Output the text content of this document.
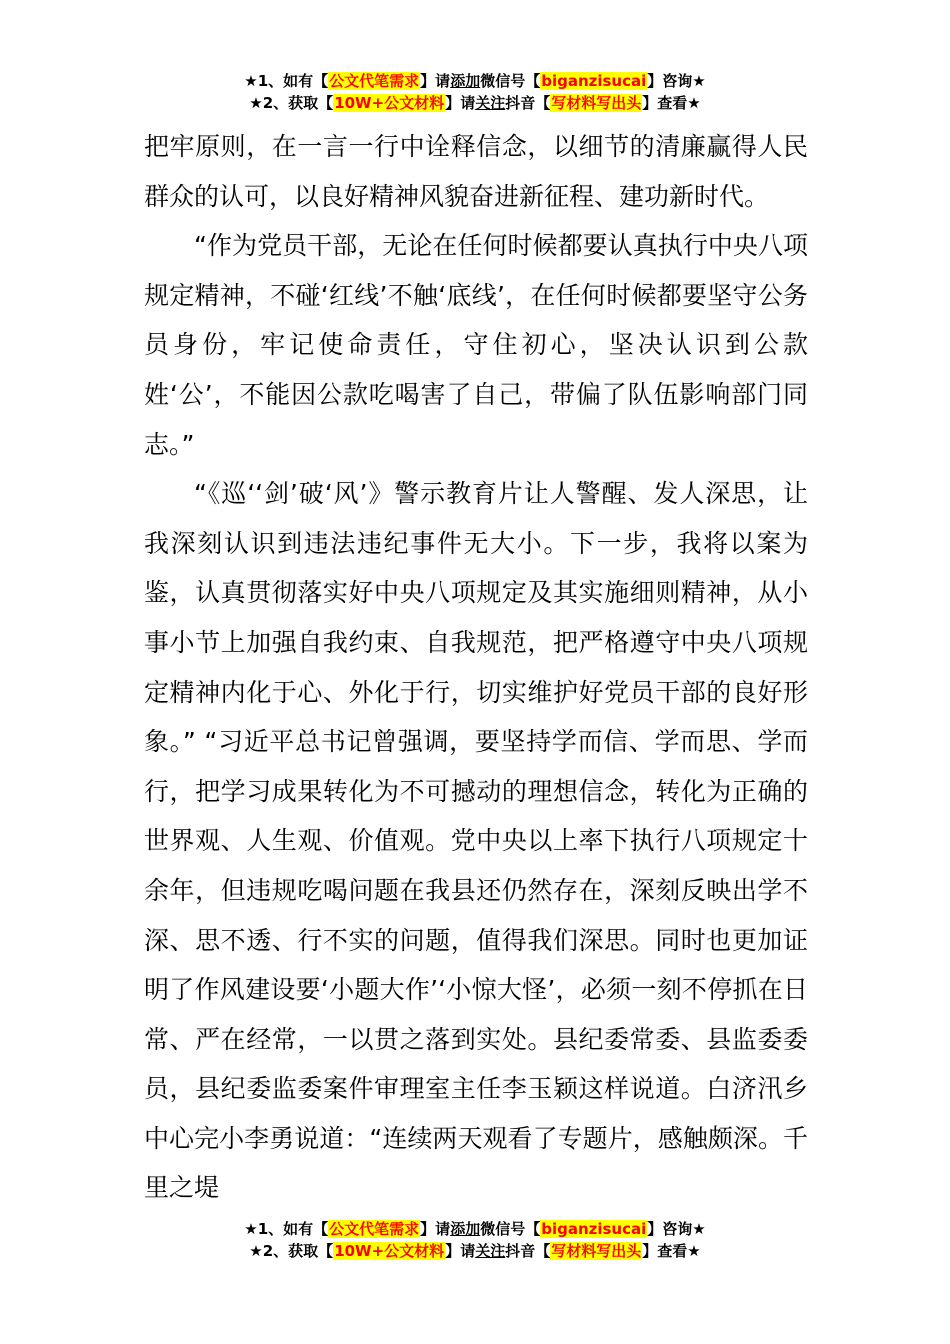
★1、如有【公文代笔需求】请添加微信号【biganzisucai】咨询★
★2、获取【10W+公文材料】请关注抖音【写材料写出头】查看★

把牢原则，在一言一行中诠释信念，以细节的清廉赢得人民群众的认可，以良好精神风貌奋进新征程、建功新时代。

“作为党员干部，无论在任何时候都要认真执行中央八项规定精神，不碰‘红线’不触‘底线’，在任何时候都要坚守公务员身份，牢记使命责任，守住初心，坚决认识到公款姓‘公’，不能因公款吃喝害了自己，带偏了队伍影响部门同志。”

“《巡‘‘剑’破‘风’》警示教育片让人警醒、发人深思，让我深刻认识到违法违纪事件无大小。下一步，我将以案为鉴，认真贯彻落实好中央八项规定及其实施细则精神，从小事小节上加强自我约束、自我规范，把严格遵守中央八项规定精神内化于心、外化于行，切实维护好党员干部的良好形象。” “习近平总书记曾强调，要坚持学而信、学而思、学而行，把学习成果转化为不可撼动的理想信念，转化为正确的世界观、人生观、价值观。党中央以上率下执行八项规定十余年，但违规吃喝问题在我县还仍然存在，深刻反映出学不深、思不透、行不实的问题，值得我们深思。同时也更加证明了作风建设要‘小题大作’‘小惊大怪’，必须一刻不停抓在日常、严在经常，一以贯之落到实处。县纪委常委、县监委委员，县纪委监委案件审理室主任李玉颖这样说道。白济汛乡中心完小李勇说道：“连续两天观看了专题片，感触颇深。千里之堤

★1、如有【公文代笔需求】请添加微信号【biganzisucai】咨询★
★2、获取【10W+公文材料】请关注抖音【写材料写出头】查看★
